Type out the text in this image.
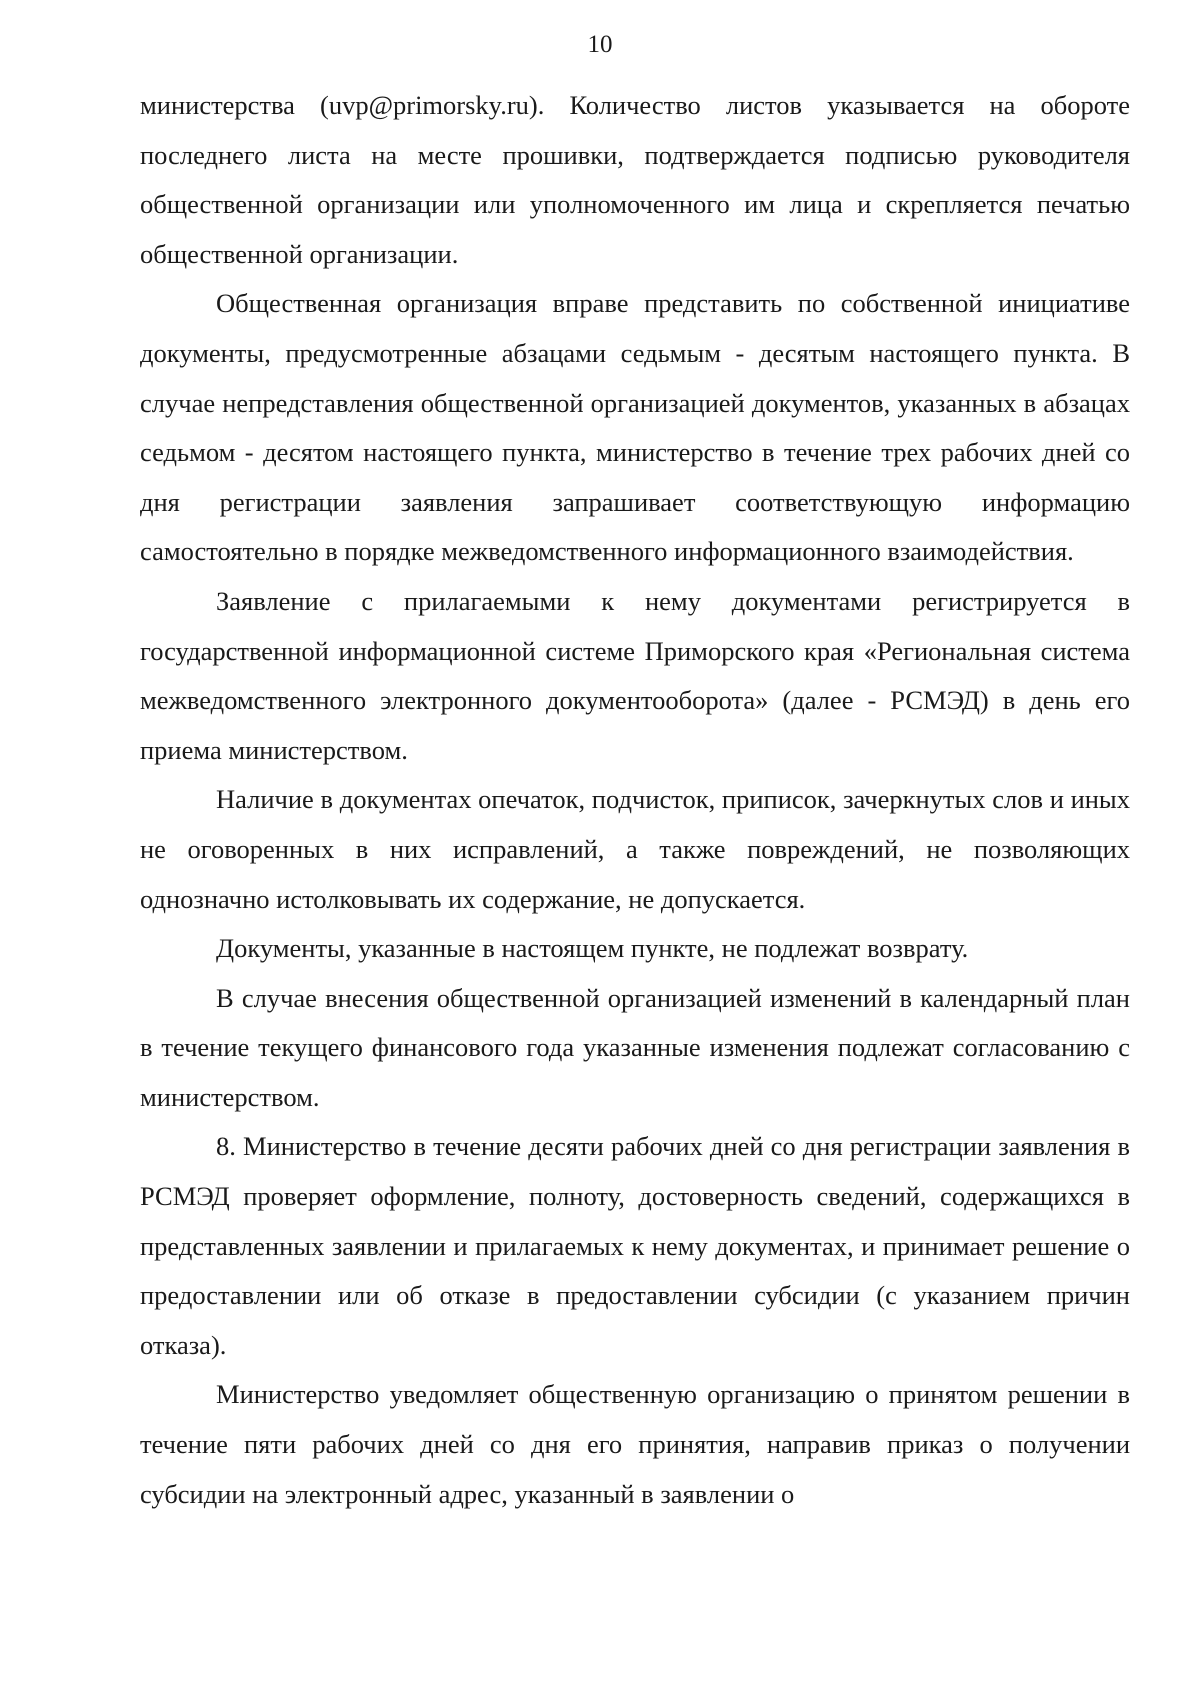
10

министерства (uvp@primorsky.ru). Количество листов указывается на обороте последнего листа на месте прошивки, подтверждается подписью руководителя общественной организации или уполномоченного им лица и скрепляется печатью общественной организации.

Общественная организация вправе представить по собственной инициативе документы, предусмотренные абзацами седьмым - десятым настоящего пункта. В случае непредставления общественной организацией документов, указанных в абзацах седьмом - десятом настоящего пункта, министерство в течение трех рабочих дней со дня регистрации заявления запрашивает соответствующую информацию самостоятельно в порядке межведомственного информационного взаимодействия.

Заявление с прилагаемыми к нему документами регистрируется в государственной информационной системе Приморского края «Региональная система межведомственного электронного документооборота» (далее - РСМЭД) в день его приема министерством.

Наличие в документах опечаток, подчисток, приписок, зачеркнутых слов и иных не оговоренных в них исправлений, а также повреждений, не позволяющих однозначно истолковывать их содержание, не допускается.

Документы, указанные в настоящем пункте, не подлежат возврату.

В случае внесения общественной организацией изменений в календарный план в течение текущего финансового года указанные изменения подлежат согласованию с министерством.

8. Министерство в течение десяти рабочих дней со дня регистрации заявления в РСМЭД проверяет оформление, полноту, достоверность сведений, содержащихся в представленных заявлении и прилагаемых к нему документах, и принимает решение о предоставлении или об отказе в предоставлении субсидии (с указанием причин отказа).

Министерство уведомляет общественную организацию о принятом решении в течение пяти рабочих дней со дня его принятия, направив приказ о получении субсидии на электронный адрес, указанный в заявлении о
